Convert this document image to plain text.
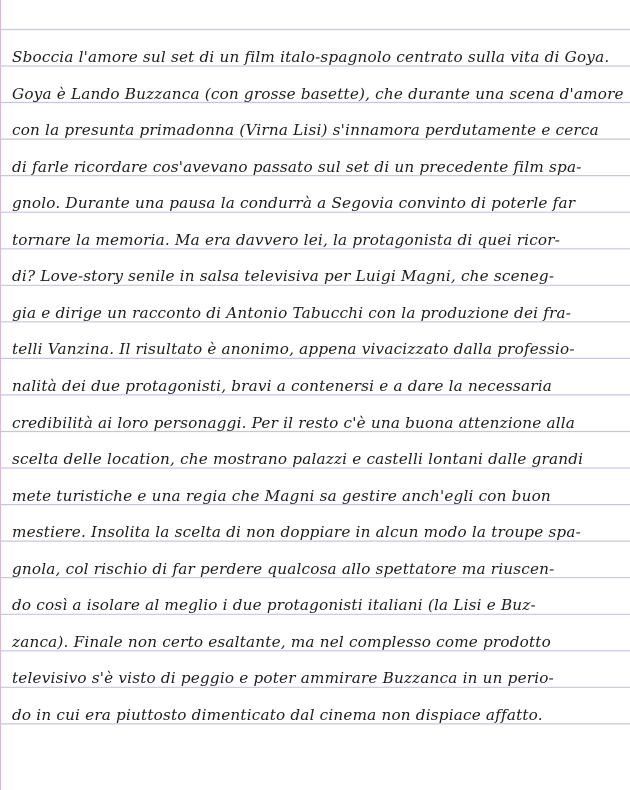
Sboccia l'amore sul set di un film italo-spagnolo centrato sulla vita di Goya.
Goya è Lando Buzzanca (con grosse basette), che durante una scena d'amore
con la presunta primadonna (Virna Lisi) s'innamora perdutamente e cerca
di farle ricordare cos'avevano passato sul set di un precedente film spa-
gnolo. Durante una pausa la condurrà a Segovia convinto di poterle far
tornare la memoria. Ma era davvero lei, la protagonista di quei ricor-
di? Love-story senile in salsa televisiva per Luigi Magni, che sceneg-
gia e dirige un racconto di Antonio Tabucchi con la produzione dei fra-
telli Vanzina. Il risultato è anonimo, appena vivacizzato dalla professio-
nalità dei due protagonisti, bravi a contenersi e a dare la necessaria
credibilità ai loro personaggi. Per il resto c'è una buona attenzione alla
scelta delle location, che mostrano palazzi e castelli lontani dalle grandi
mete turistiche e una regia che Magni sa gestire anch'egli con buon
mestiere. Insolita la scelta di non doppiare in alcun modo la troupe spa-
gnola, col rischio di far perdere qualcosa allo spettatore ma riuscen-
do così a isolare al meglio i due protagonisti italiani (la Lisi e Buz-
zanca). Finale non certo esaltante, ma nel complesso come prodotto
televisivo s'è visto di peggio e poter ammirare Buzzanca in un perio-
do in cui era piuttosto dimenticato dal cinema non dispiace affatto.
